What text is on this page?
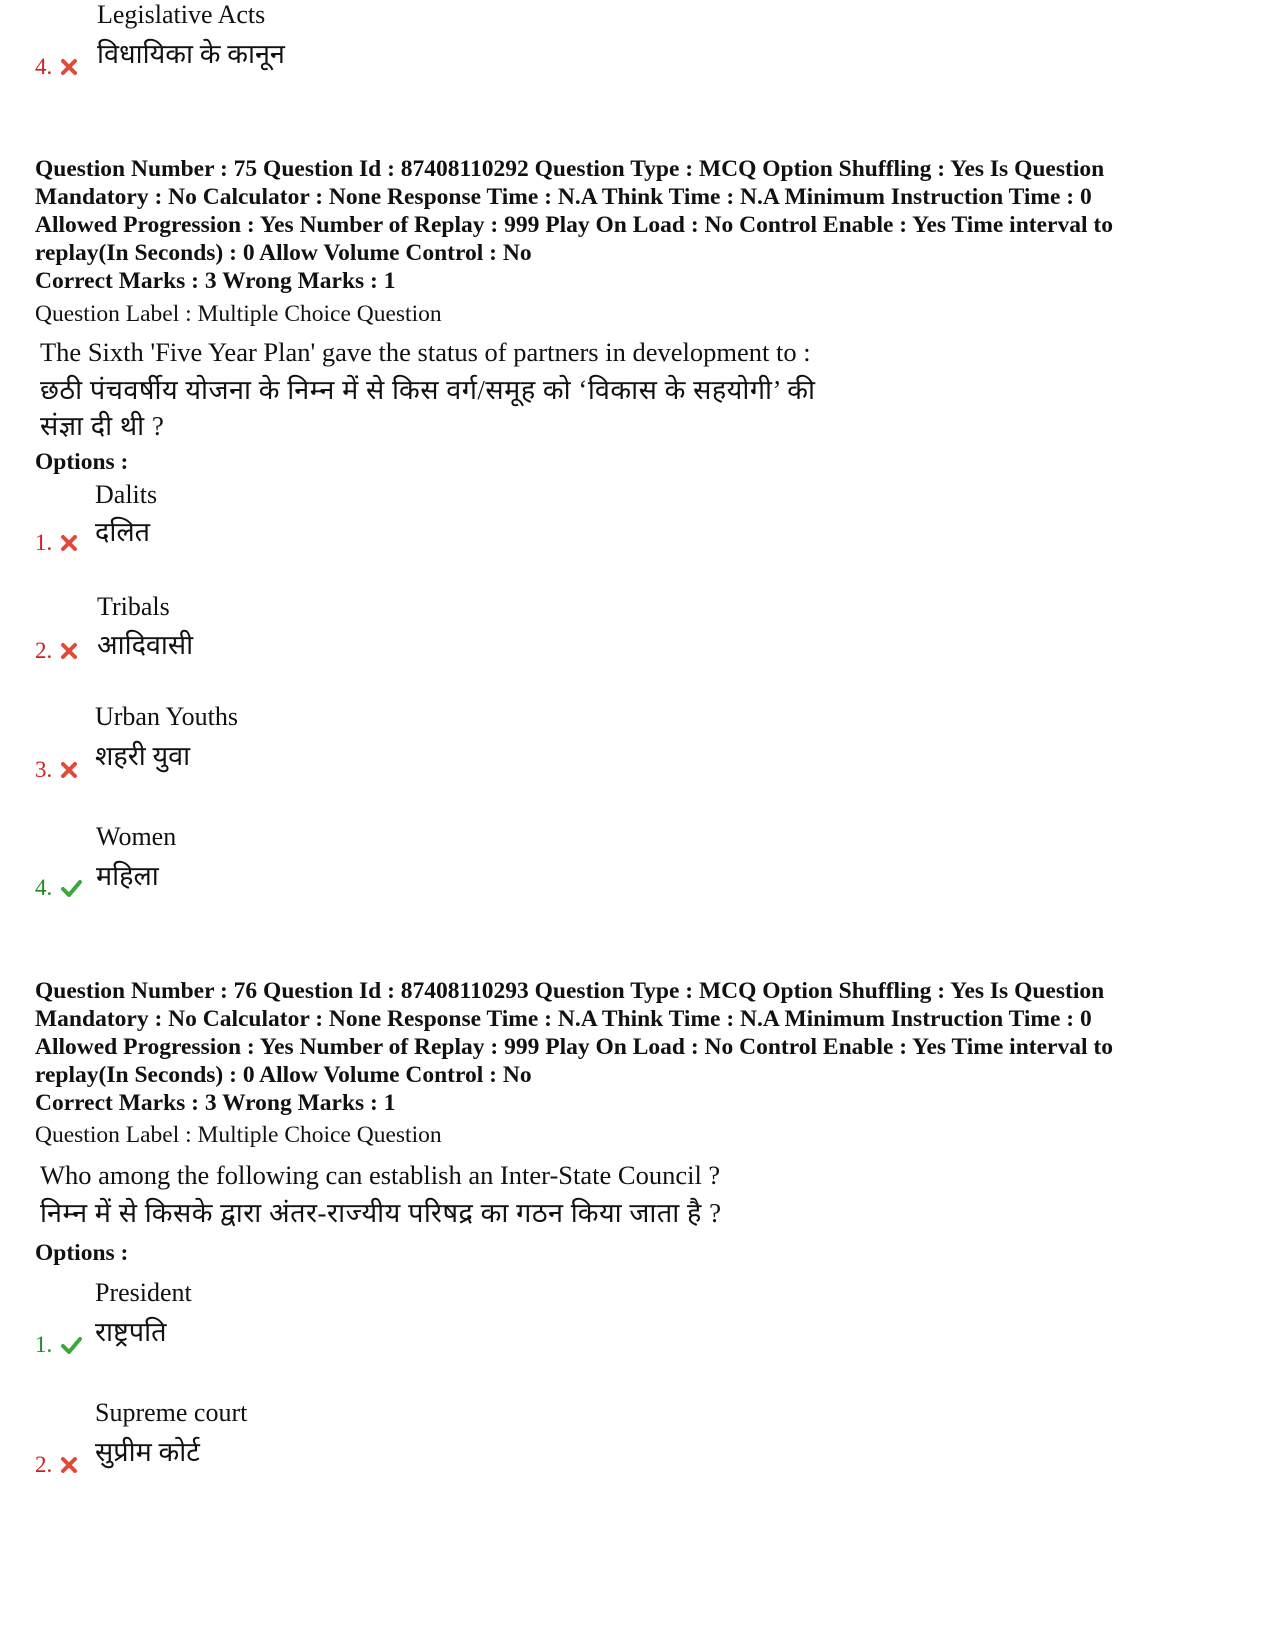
Legislative Acts
विधायिका के कानून
4.
Question Number : 75 Question Id : 87408110292 Question Type : MCQ Option Shuffling : Yes Is Question
Mandatory : No Calculator : None Response Time : N.A Think Time : N.A Minimum Instruction Time : 0
Allowed Progression : Yes Number of Replay : 999 Play On Load : No Control Enable : Yes Time interval to
replay(In Seconds) : 0 Allow Volume Control : No
Correct Marks : 3 Wrong Marks : 1
Question Label : Multiple Choice Question
The Sixth 'Five Year Plan' gave the status of partners in development to :
छठी पंचवर्षीय योजना के निम्न में से किस वर्ग/समूह को ‘विकास के सहयोगी’ की
संज्ञा दी थी ?
Options :
Dalits
दलित
1.
Tribals
आदिवासी
2.
Urban Youths
शहरी युवा
3.
Women
महिला
4.
Question Number : 76 Question Id : 87408110293 Question Type : MCQ Option Shuffling : Yes Is Question
Mandatory : No Calculator : None Response Time : N.A Think Time : N.A Minimum Instruction Time : 0
Allowed Progression : Yes Number of Replay : 999 Play On Load : No Control Enable : Yes Time interval to
replay(In Seconds) : 0 Allow Volume Control : No
Correct Marks : 3 Wrong Marks : 1
Question Label : Multiple Choice Question
Who among the following can establish an Inter-State Council ?
निम्न में से किसके द्वारा अंतर-राज्यीय परिषद्र का गठन किया जाता है ?
Options :
President
राष्ट्रपति
1.
Supreme court
सुप्रीम कोर्ट
2.
